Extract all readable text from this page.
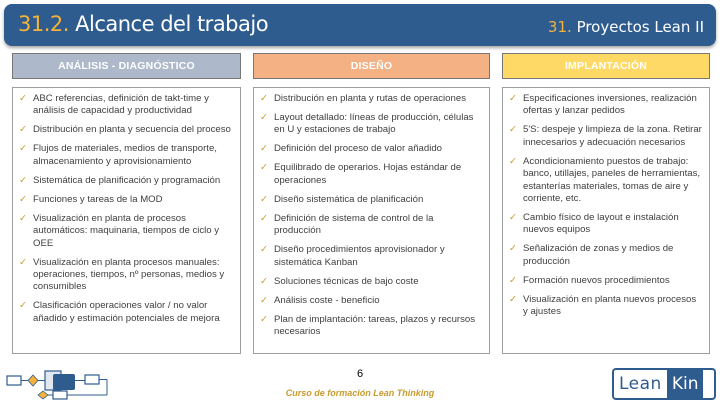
31.2. Alcance del trabajo	31. Proyectos Lean II
ANÁLISIS - DIAGNÓSTICO	DISEÑO	IMPLANTACIÓN
✓ ABC referencias, definición de takt-time y análisis de capacidad y productividad
✓ Distribución en planta y secuencia del proceso
✓ Flujos de materiales, medios de transporte, almacenamiento y aprovisionamiento
✓ Sistemática de planificación y programación
✓ Funciones y tareas de la MOD
✓ Visualización en planta de procesos automáticos: maquinaria, tiempos de ciclo y OEE
✓ Visualización en planta procesos manuales: operaciones, tiempos, nº personas, medios y consumibles
✓ Clasificación operaciones valor / no valor añadido y estimación potenciales de mejora
✓ Distribución en planta y rutas de operaciones
✓ Layout detallado: líneas de producción, células en U y estaciones de trabajo
✓ Definición del proceso de valor añadido
✓ Equilibrado de operarios. Hojas estándar de operaciones
✓ Diseño sistemática de planificación
✓ Definición de sistema de control de la producción
✓ Diseño procedimientos aprovisionador y sistemática Kanban
✓ Soluciones técnicas de bajo coste
✓ Análisis coste - beneficio
✓ Plan de implantación: tareas, plazos y recursos necesarios
✓ Especificaciones inversiones, realización ofertas y lanzar pedidos
✓ 5'S: despeje y limpieza de la zona. Retirar innecesarios y adecuación necesarios
✓ Acondicionamiento puestos de trabajo: banco, utillajes, paneles de herramientas, estanterías materiales, tomas de aire y corriente, etc.
✓ Cambio físico de layout e instalación nuevos equipos
✓ Señalización de zonas y medios de producción
✓ Formación nuevos procedimientos
✓ Visualización en planta nuevos procesos y ajustes
6
Curso de formación Lean Thinking	Lean Kin
